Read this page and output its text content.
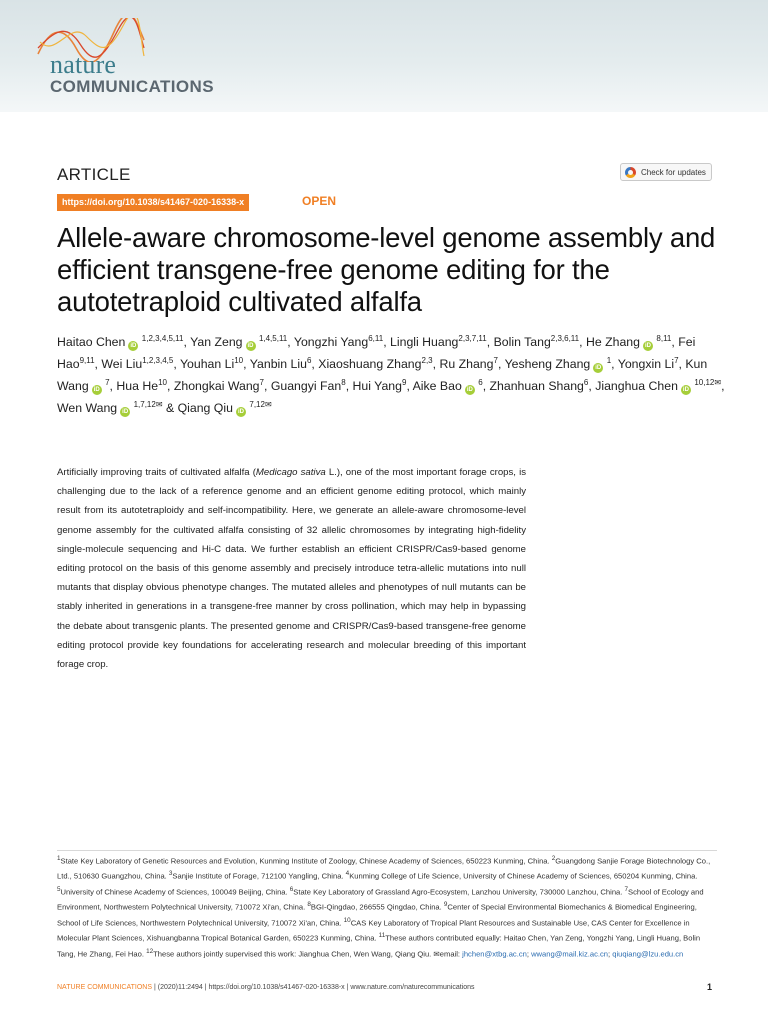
nature
COMMUNICATIONS
ARTICLE	Check for updates
https://doi.org/10.1038/s41467-020-16338-x	OPEN
Allele-aware chromosome-level genome assembly and efficient transgene-free genome editing for the autotetraploid cultivated alfalfa
Haitao Chen iD $^{1,2,3,4,5,11}$, Yan Zeng iD $^{1,4,5,11}$, Yongzhi Yang$^{6,11}$, Lingli Huang$^{2,3,7,11}$, Bolin Tang$^{2,3,6,11}$, He Zhang iD $^{8,11}$, Fei Hao$^{9,11}$, Wei Liu$^{1,2,3,4,5}$, Youhan Li$^{10}$, Yanbin Liu$^6$, Xiaoshuang Zhang$^{2,3}$, Ru Zhang$^7$, Yesheng Zhang iD $^1$, Yongxin Li$^7$, Kun Wang iD $^7$, Hua He$^{10}$, Zhongkai Wang$^7$, Guangyi Fan$^8$, Hui Yang$^9$, Aike Bao iD $^6$, Zhanhuan Shang$^6$, Jianghua Chen iD $^{10,12✉}$, Wen Wang iD $^{1,7,12✉}$ & Qiang Qiu iD $^{7,12✉}$

Artificially improving traits of cultivated alfalfa (Medicago sativa L.), one of the most important forage crops, is challenging due to the lack of a reference genome and an efficient genome editing protocol, which mainly result from its autotetraploidy and self-incompatibility. Here, we generate an allele-aware chromosome-level genome assembly for the cultivated alfalfa consisting of 32 allelic chromosomes by integrating high-fidelity single-molecule sequencing and Hi-C data. We further establish an efficient CRISPR/Cas9-based genome editing protocol on the basis of this genome assembly and precisely introduce tetra-allelic mutations into null mutants that display obvious phenotype changes. The mutated alleles and phenotypes of null mutants can be stably inherited in generations in a transgene-free manner by cross pollination, which may help in bypassing the debate about transgenic plants. The presented genome and CRISPR/Cas9-based transgene-free genome editing protocol provide key foundations for accelerating research and molecular breeding of this important forage crop.

$^1$State Key Laboratory of Genetic Resources and Evolution, Kunming Institute of Zoology, Chinese Academy of Sciences, 650223 Kunming, China. $^2$Guangdong Sanjie Forage Biotechnology Co., Ltd., 510630 Guangzhou, China. $^3$Sanjie Institute of Forage, 712100 Yangling, China. $^4$Kunming College of Life Science, University of Chinese Academy of Sciences, 650204 Kunming, China. $^5$University of Chinese Academy of Sciences, 100049 Beijing, China. $^6$State Key Laboratory of Grassland Agro-Ecosystem, Lanzhou University, 730000 Lanzhou, China. $^7$School of Ecology and Environment, Northwestern Polytechnical University, 710072 Xi'an, China. $^8$BGI-Qingdao, 266555 Qingdao, China. $^9$Center of Special Environmental Biomechanics & Biomedical Engineering, School of Life Sciences, Northwestern Polytechnical University, 710072 Xi'an, China. $^{10}$CAS Key Laboratory of Tropical Plant Resources and Sustainable Use, CAS Center for Excellence in Molecular Plant Sciences, Xishuangbanna Tropical Botanical Garden, 650223 Kunming, China. $^{11}$These authors contributed equally: Haitao Chen, Yan Zeng, Yongzhi Yang, Lingli Huang, Bolin Tang, He Zhang, Fei Hao. $^{12}$These authors jointly supervised this work: Jianghua Chen, Wen Wang, Qiang Qiu. ✉email: jhchen@xtbg.ac.cn; wwang@mail.kiz.ac.cn; qiuqiang@lzu.edu.cn
NATURE COMMUNICATIONS | (2020)11:2494 | https://doi.org/10.1038/s41467-020-16338-x | www.nature.com/naturecommunications	1
